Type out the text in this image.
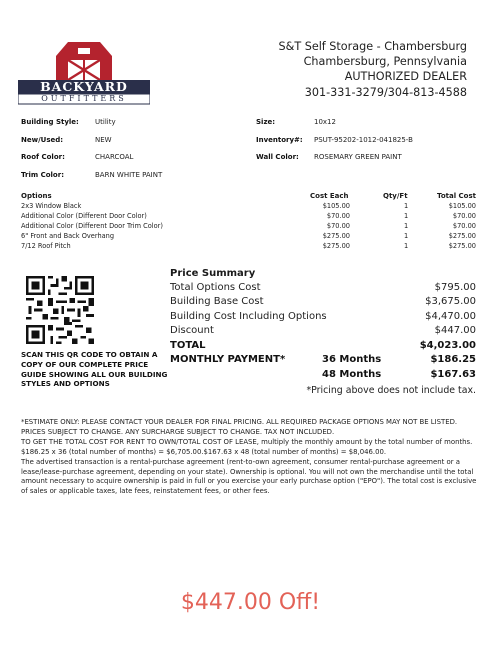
BACKYARD
OUTFITTERS
S&T Self Storage - Chambersburg
Chambersburg, Pennsylvania
AUTHORIZED DEALER
301-331-3279/304-813-4588
Building Style: Utility	Size:	10x12
New/Used:	NEW	Inventory#: PSUT-95202-1012-041825-B
Roof Color:	CHARCOAL	Wall Color: ROSEMARY GREEN PAINT
Trim Color:	BARN WHITE PAINT
Options	Cost Each	Qty/Ft	Total Cost
2x3 Window Black	$105.00	1	$105.00
Additional Color (Different Door Color)	$70.00	1	$70.00
Additional Color (Different Door Trim Color)	$70.00	1	$70.00
6" Front and Back Overhang	$275.00	1	$275.00
7/12 Roof Pitch	$275.00	1	$275.00
SCAN THIS QR CODE TO OBTAIN A COPY OF OUR COMPLETE PRICE GUIDE SHOWING ALL OUR BUILDING STYLES AND OPTIONS
Price Summary
Total Options Cost	$795.00
Building Base Cost	$3,675.00
Building Cost Including Options	$4,470.00
Discount	$447.00
TOTAL	$4,023.00
MONTHLY PAYMENT*	36 Months	$186.25
48 Months	$167.63
*Pricing above does not include tax.

*ESTIMATE ONLY: PLEASE CONTACT YOUR DEALER FOR FINAL PRICING. ALL REQUIRED PACKAGE OPTIONS MAY NOT BE LISTED.

PRICES SUBJECT TO CHANGE. ANY SURCHARGE SUBJECT TO CHANGE. TAX NOT INCLUDED.

TO GET THE TOTAL COST FOR RENT TO OWN/TOTAL COST OF LEASE, multiply the monthly amount by the total number of months.

$186.25 x 36 (total number of months) = $6,705.00.$167.63 x 48 (total number of months) = $8,046.00.

The advertised transaction is a rental-purchase agreement (rent-to-own agreement, consumer rental-purchase agreement or a lease/lease-purchase agreement, depending on your state). Ownership is optional. You will not own the merchandise until the total amount necessary to acquire ownership is paid in full or you exercise your early purchase option ("EPO"). The total cost is exclusive of sales or applicable taxes, late fees, reinstatement fees, or other fees.

$447.00 Off!
